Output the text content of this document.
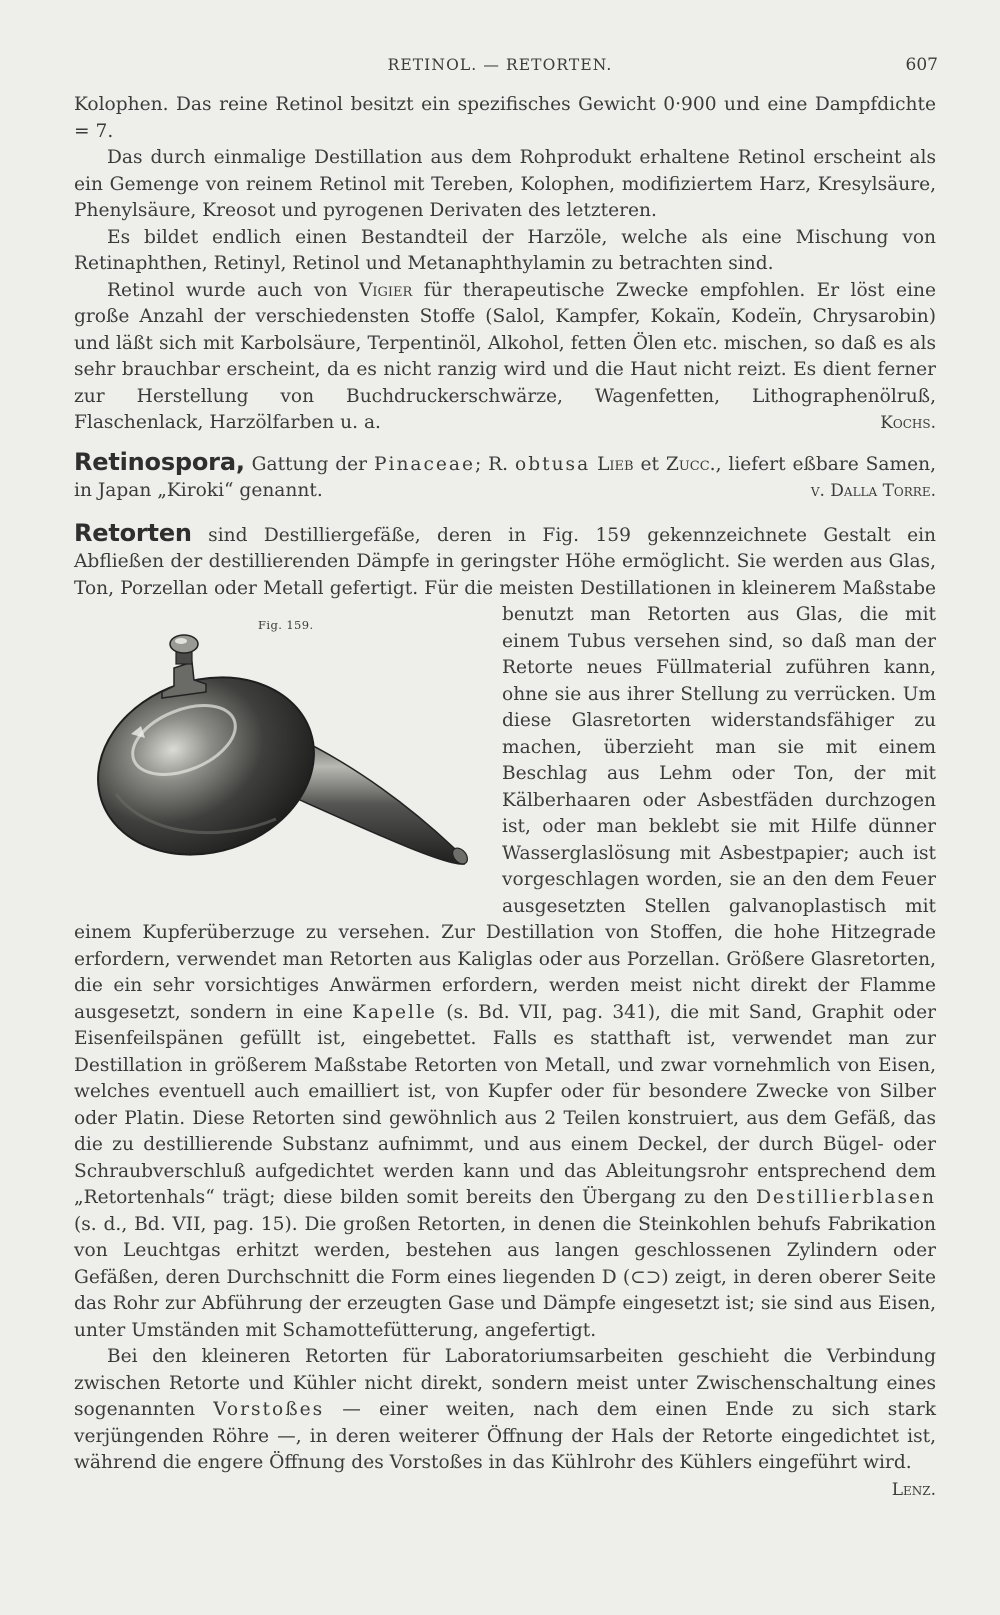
RETINOL. — RETORTEN.	607

Kolophen. Das reine Retinol besitzt ein spezifisches Gewicht 0·900 und eine Dampfdichte = 7.

Das durch einmalige Destillation aus dem Rohprodukt erhaltene Retinol erscheint als ein Gemenge von reinem Retinol mit Tereben, Kolophen, modifiziertem Harz, Kresylsäure, Phenylsäure, Kreosot und pyrogenen Derivaten des letzteren.

Es bildet endlich einen Bestandteil der Harzöle, welche als eine Mischung von Retinaphthen, Retinyl, Retinol und Metanaphthylamin zu betrachten sind.

Retinol wurde auch von Vigier für therapeutische Zwecke empfohlen. Er löst eine große Anzahl der verschiedensten Stoffe (Salol, Kampfer, Kokaïn, Kodeïn, Chrysarobin) und läßt sich mit Karbolsäure, Terpentinöl, Alkohol, fetten Ölen etc. mischen, so daß es als sehr brauchbar erscheint, da es nicht ranzig wird und die Haut nicht reizt. Es dient ferner zur Herstellung von Buchdruckerschwärze, Wagenfetten, Lithographenölruß, Flaschenlack, Harzölfarben u. a.	Kochs.

Retinospora, Gattung der Pinaceae; R. obtusa Lieb et Zucc., liefert eßbare Samen, in Japan „Kiroki“ genannt.	v. Dalla Torre.

Retorten sind Destilliergefäße, deren in Fig. 159 gekennzeichnete Gestalt ein Abfließen der destillierenden Dämpfe in geringster Höhe ermöglicht. Sie werden aus Glas, Ton, Porzellan oder Metall gefertigt. Für die meisten Destillationen in kleinerem Maßstabe benutzt man Retorten aus Glas,
Fig. 159.	die mit einem Tubus versehen sind, so daß man der Retorte neues Füllmaterial zuführen kann, ohne sie aus ihrer Stellung zu verrücken. Um diese Glasretorten widerstandsfähiger zu machen, überzieht man sie mit einem Beschlag aus Lehm oder Ton, der mit Kälberhaaren oder Asbestfäden durchzogen ist, oder man beklebt sie mit Hilfe dünner Wasserglaslösung mit Asbestpapier; auch ist vorgeschlagen worden, sie an den dem Feuer ausgesetzten Stellen galvanoplastisch mit einem Kupferüberzuge zu versehen. Zur Destillation von Stoffen, die hohe Hitzegrade erfordern, verwendet man Retorten aus Kaliglas oder aus Porzellan. Größere Glasretorten, die ein sehr vorsichtiges Anwärmen erfordern, werden meist nicht direkt der Flamme ausgesetzt, sondern in eine Kapelle (s. Bd. VII, pag. 341), die mit Sand, Graphit oder Eisenfeilspänen gefüllt ist, eingebettet. Falls es statthaft ist, verwendet man zur Destillation in größerem Maßstabe Retorten von Metall, und zwar vornehmlich von Eisen, welches eventuell auch emailliert ist, von Kupfer oder für besondere Zwecke von Silber oder Platin. Diese Retorten sind gewöhnlich aus 2 Teilen konstruiert, aus dem Gefäß, das die zu destillierende Substanz aufnimmt, und aus einem Deckel, der durch Bügel- oder Schraubverschluß aufgedichtet werden kann und das Ableitungsrohr entsprechend dem „Retortenhals“ trägt; diese bilden somit bereits den Übergang zu den Destillierblasen (s. d., Bd. VII, pag. 15). Die großen Retorten, in denen die Steinkohlen behufs Fabrikation von Leuchtgas erhitzt werden, bestehen aus langen geschlossenen Zylindern oder Gefäßen, deren Durchschnitt die Form eines liegenden D (⊂⊃) zeigt, in deren oberer Seite das Rohr zur Abführung der erzeugten Gase und Dämpfe eingesetzt ist; sie sind aus Eisen, unter Umständen mit Schamottefütterung, angefertigt.

Bei den kleineren Retorten für Laboratoriumsarbeiten geschieht die Verbindung zwischen Retorte und Kühler nicht direkt, sondern meist unter Zwischenschaltung eines sogenannten Vorstoßes — einer weiten, nach dem einen Ende zu sich stark verjüngenden Röhre —, in deren weiterer Öffnung der Hals der Retorte eingedichtet ist, während die engere Öffnung des Vorstoßes in das Kühlrohr des Kühlers eingeführt wird.
Lenz.
